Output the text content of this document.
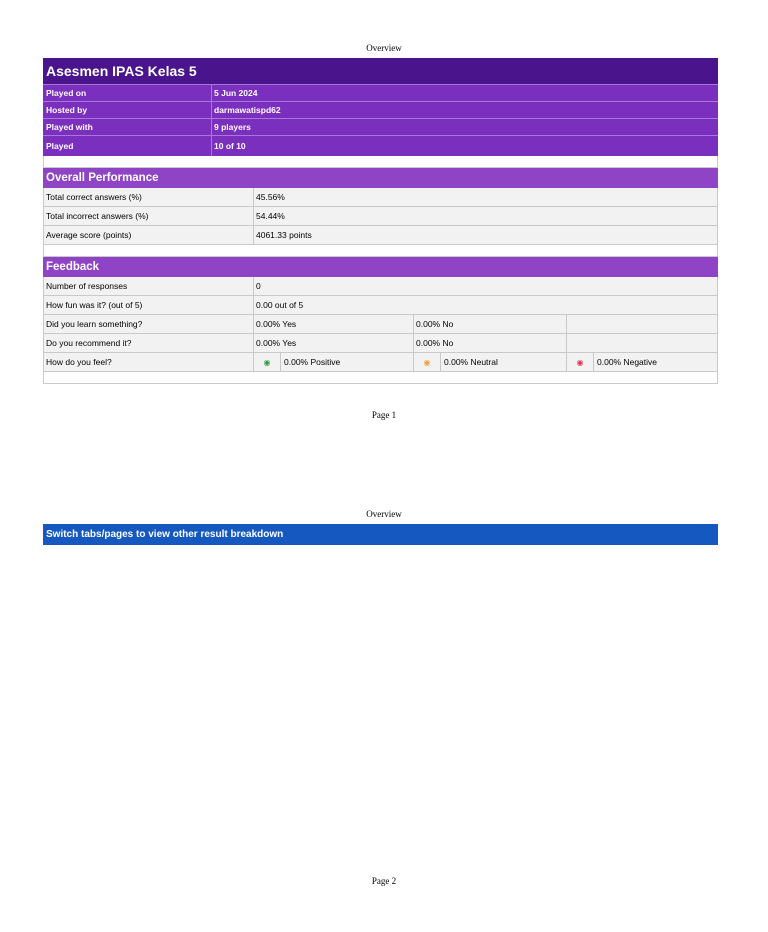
Overview
Asesmen IPAS Kelas 5
Played on	5 Jun 2024
Hosted by	darmawatispd62
Played with	9 players
Played	10 of 10
Overall Performance
Total correct answers (%)	45.56%
Total incorrect answers (%)	54.44%
Average score (points)	4061.33 points
Feedback
Number of responses	0
How fun was it? (out of 5)	0.00 out of 5
Did you learn something?	0.00% Yes	0.00% No
Do you recommend it?	0.00% Yes	0.00% No
How do you feel?	◉	0.00% Positive	◉	0.00% Neutral	◉	0.00% Negative
Page 1
Overview
Switch tabs/pages to view other result breakdown
Page 2
